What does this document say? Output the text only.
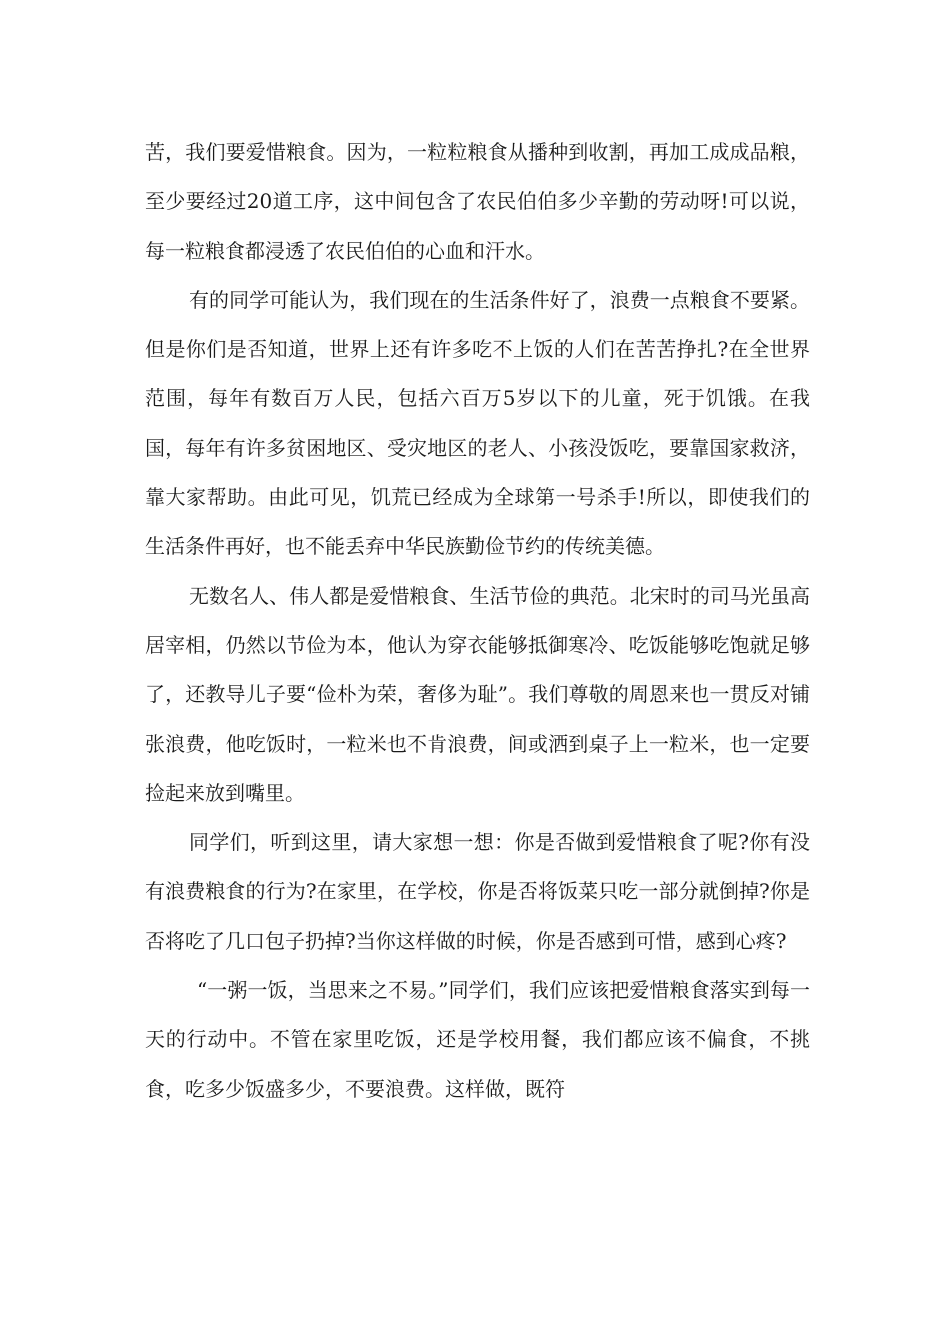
苦，我们要爱惜粮食。因为，一粒粒粮食从播种到收割，再加工成成品粮，至少要经过20道工序，这中间包含了农民伯伯多少辛勤的劳动呀!可以说，每一粒粮食都浸透了农民伯伯的心血和汗水。

有的同学可能认为，我们现在的生活条件好了，浪费一点粮食不要紧。但是你们是否知道，世界上还有许多吃不上饭的人们在苦苦挣扎?在全世界范围，每年有数百万人民，包括六百万5岁以下的儿童，死于饥饿。在我国，每年有许多贫困地区、受灾地区的老人、小孩没饭吃，要靠国家救济，靠大家帮助。由此可见，饥荒已经成为全球第一号杀手!所以，即使我们的生活条件再好，也不能丢弃中华民族勤俭节约的传统美德。

无数名人、伟人都是爱惜粮食、生活节俭的典范。北宋时的司马光虽高居宰相，仍然以节俭为本，他认为穿衣能够抵御寒冷、吃饭能够吃饱就足够了，还教导儿子要“俭朴为荣，奢侈为耻”。我们尊敬的周恩来也一贯反对铺张浪费，他吃饭时，一粒米也不肯浪费，间或洒到桌子上一粒米，也一定要捡起来放到嘴里。

同学们，听到这里，请大家想一想：你是否做到爱惜粮食了呢?你有没有浪费粮食的行为?在家里，在学校，你是否将饭菜只吃一部分就倒掉?你是否将吃了几口包子扔掉?当你这样做的时候，你是否感到可惜，感到心疼?

“一粥一饭，当思来之不易。”同学们，我们应该把爱惜粮食落实到每一天的行动中。不管在家里吃饭，还是学校用餐，我们都应该不偏食，不挑食，吃多少饭盛多少，不要浪费。这样做，既符
